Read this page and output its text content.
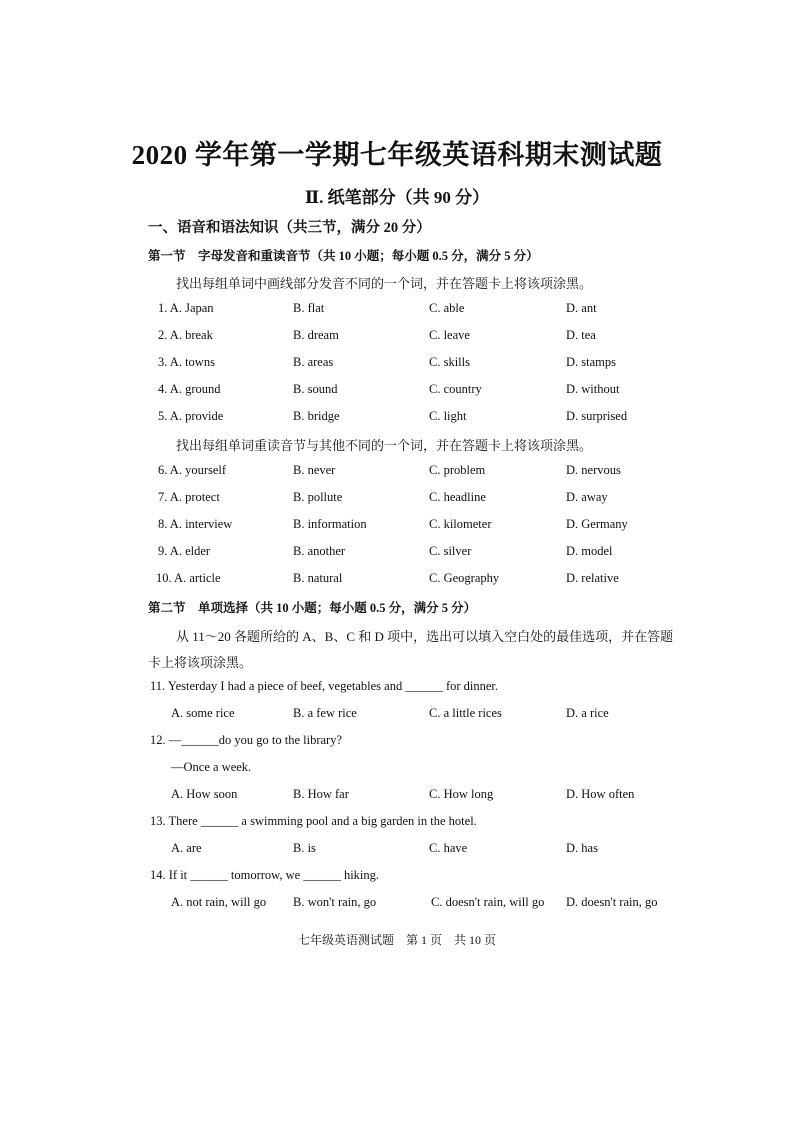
2020 学年第一学期七年级英语科期末测试题
Ⅱ. 纸笔部分（共 90 分）
一、语音和语法知识（共三节，满分 20 分）
第一节　字母发音和重读音节（共 10 小题；每小题 0.5 分，满分 5 分）
找出每组单词中画线部分发音不同的一个词，并在答题卡上将该项涂黑。
1. A. Japan	B. flat	C. able	D. ant
2. A. break	B. dream	C. leave	D. tea
3. A. towns	B. areas	C. skills	D. stamps
4. A. ground	B. sound	C. country	D. without
5. A. provide	B. bridge	C. light	D. surprised
找出每组单词重读音节与其他不同的一个词，并在答题卡上将该项涂黑。
6. A. yourself	B. never	C. problem	D. nervous
7. A. protect	B. pollute	C. headline	D. away
8. A. interview	B. information	C. kilometer	D. Germany
9. A. elder	B. another	C. silver	D. model
10. A. article	B. natural	C. Geography	D. relative
第二节　单项选择（共 10 小题；每小题 0.5 分，满分 5 分）
从 11～20 各题所给的 A、B、C 和 D 项中，选出可以填入空白处的最佳选项，并在答题
卡上将该项涂黑。
11. Yesterday I had a piece of beef, vegetables and ______ for dinner.
A. some rice	B. a few rice	C. a little rices	D. a rice
12. —______do you go to the library?
—Once a week.
A. How soon	B. How far	C. How long	D. How often
13. There ______ a swimming pool and a big garden in the hotel.
A. are	B. is	C. have	D. has
14. If it ______ tomorrow, we ______ hiking.
A. not rain, will go B. won't rain, go	C. doesn't rain, will go D. doesn't rain, go
七年级英语测试题　第 1 页　共 10 页
